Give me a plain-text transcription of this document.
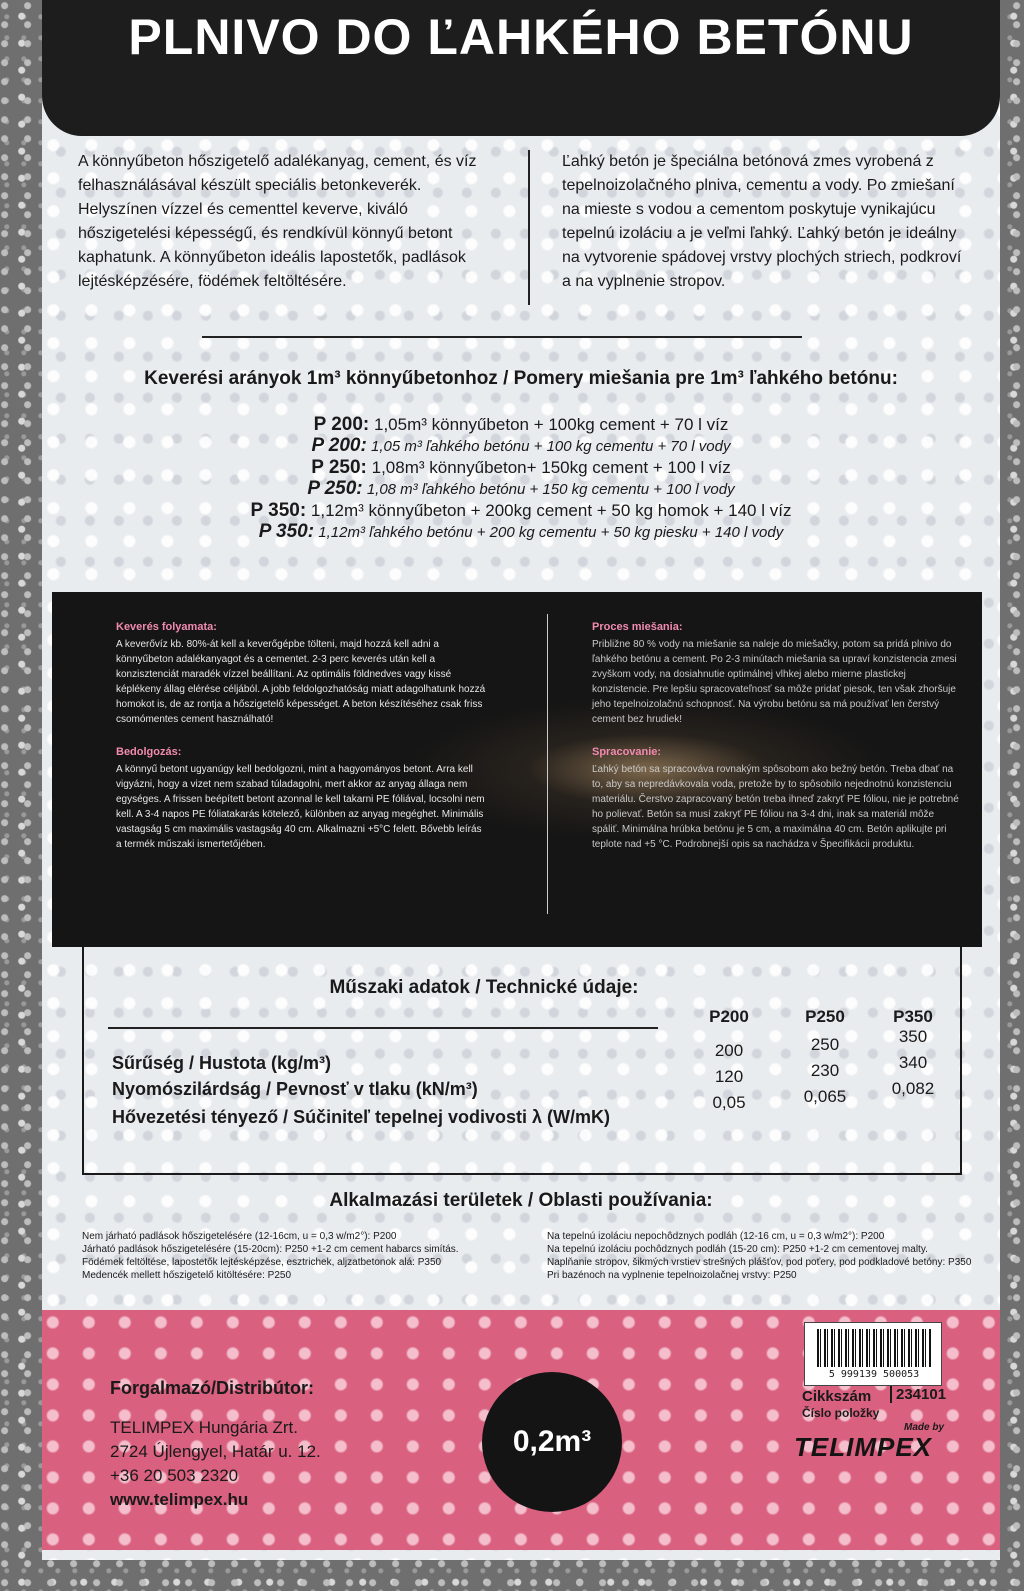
PLNIVO DO ĽAHKÉHO BETÓNU
A könnyűbeton hőszigetelő adalékanyag, cement, és víz felhasználásával készült speciális betonkeverék. Helyszínen vízzel és cementtel keverve, kiváló hőszigetelési képességű, és rendkívül könnyű betont kaphatunk. A könnyűbeton ideális lapostetők, padlások lejtésképzésére, födémek feltöltésére.
Ľahký betón je špeciálna betónová zmes vyrobená z tepelnoizolačného plniva, cementu a vody. Po zmiešaní na mieste s vodou a cementom poskytuje vynikajúcu tepelnú izoláciu a je veľmi ľahký. Ľahký betón je ideálny na vytvorenie spádovej vrstvy plochých striech, podkroví a na vyplnenie stropov.
Keverési arányok 1m³ könnyűbetonhoz / Pomery miešania pre 1m³ ľahkého betónu:
P 200: 1,05m³ könnyűbeton + 100kg cement + 70 l víz
P 200: 1,05 m³ ľahkého betónu + 100 kg cementu + 70 l vody
P 250: 1,08m³ könnyűbeton+ 150kg cement + 100 l víz
P 250: 1,08 m³ ľahkého betónu + 150 kg cementu + 100 l vody
P 350: 1,12m³ könnyűbeton + 200kg cement + 50 kg homok + 140 l víz
P 350: 1,12m³ ľahkého betónu + 200 kg cementu + 50 kg piesku + 140 l vody
Keverés folyamata:

A keverővíz kb. 80%-át kell a keverőgépbe tölteni, majd hozzá kell adni a könnyűbeton adalékanyagot és a cementet. 2-3 perc keverés után kell a konzisztenciát maradék vízzel beállítani. Az optimális földnedves vagy kissé képlékeny állag elérése céljából. A jobb feldolgozhatóság miatt adagolhatunk hozzá homokot is, de az rontja a hőszigetelő képességet. A beton készítéséhez csak friss csomómentes cement használható!

Bedolgozás:

A könnyű betont ugyanúgy kell bedolgozni, mint a hagyományos betont. Arra kell vigyázni, hogy a vizet nem szabad túladagolni, mert akkor az anyag állaga nem egységes. A frissen beépített betont azonnal le kell takarni PE fóliával, locsolni nem kell. A 3-4 napos PE fóliatakarás kötelező, különben az anyag megéghet. Minimális vastagság 5 cm maximális vastagság 40 cm. Alkalmazni +5°C felett. Bővebb leírás a termék műszaki ismertetőjében.

Proces miešania:

Približne 80 % vody na miešanie sa naleje do miešačky, potom sa pridá plnivo do ľahkého betónu a cement. Po 2-3 minútach miešania sa upraví konzistencia zmesi zvyškom vody, na dosiahnutie optimálnej vlhkej alebo mierne plastickej konzistencie. Pre lepšiu spracovateľnosť sa môže pridať piesok, ten však zhoršuje jeho tepelnoizolačnú schopnosť. Na výrobu betónu sa má používať len čerstvý cement bez hrudiek!

Spracovanie:

Ľahký betón sa spracováva rovnakým spôsobom ako bežný betón. Treba dbať na to, aby sa nepredávkovala voda, pretože by to spôsobilo nejednotnú konzistenciu materiálu. Čerstvo zapracovaný betón treba ihneď zakryť PE fóliou, nie je potrebné ho polievať. Betón sa musí zakryť PE fóliou na 3-4 dni, inak sa materiál môže spáliť. Minimálna hrúbka betónu je 5 cm, a maximálna 40 cm. Betón aplikujte pri teplote nad +5 °C. Podrobnejší opis sa nachádza v Špecifikácii produktu.

Műszaki adatok / Technické údaje:
P200	P250	P350
Sűrűség / Hustota (kg/m³)
200	250	350
Nyomószilárdság / Pevnosť v tlaku (kN/m³)
120	230	340
Hővezetési tényező / Súčiniteľ tepelnej vodivosti λ (W/mK)
0,05	0,065	0,082
Alkalmazási területek / Oblasti používania:
Nem járható padlások hőszigetelésére (12-16cm, u = 0,3 w/m2°): P200
Járható padlások hőszigetelésére (15-20cm): P250 +1-2 cm cement habarcs simítás.
Födémek feltöltése, lapostetők lejtésképzése, esztrichek, aljzatbetonok alá: P350
Medencék mellett hőszigetelő kitöltésére: P250
Na tepelnú izoláciu nepochôdznych podláh (12-16 cm, u = 0,3 w/m2°): P200
Na tepelnú izoláciu pochôdznych podláh (15-20 cm): P250 +1-2 cm cementovej malty.
Naplňanie stropov, šikmých vrstiev strešných plášťov, pod poťery, pod podkladové betóny: P350
Pri bazénoch na vyplnenie tepelnoizolačnej vrstvy: P250
Forgalmazó/Distribútor:
TELIMPEX Hungária Zrt.
2724 Újlengyel, Határ u. 12.
+36 20 503 2320
www.telimpex.hu
0,2m³
5 999139 500053
Cikkszám
Číslo položky
234101
Made by
TELIMPEX
